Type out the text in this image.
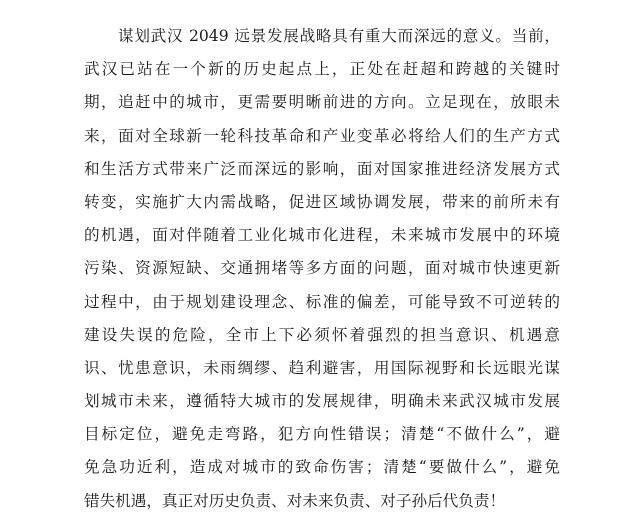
谋划武汉 2049 远景发展战略具有重大而深远的意义。当前，
武汉已站在一个新的历史起点上，正处在赶超和跨越的关键时
期，追赶中的城市，更需要明晰前进的方向。立足现在，放眼未
来，面对全球新一轮科技革命和产业变革必将给人们的生产方式
和生活方式带来广泛而深远的影响，面对国家推进经济发展方式
转变，实施扩大内需战略，促进区域协调发展，带来的前所未有
的机遇，面对伴随着工业化城市化进程，未来城市发展中的环境
污染、资源短缺、交通拥堵等多方面的问题，面对城市快速更新
过程中，由于规划建设理念、标准的偏差，可能导致不可逆转的
建设失误的危险，全市上下必须怀着强烈的担当意识、机遇意
识、忧患意识，未雨绸缪、趋利避害，用国际视野和长远眼光谋
划城市未来，遵循特大城市的发展规律，明确未来武汉城市发展
目标定位，避免走弯路，犯方向性错误；清楚“不做什么”，避
免急功近利，造成对城市的致命伤害；清楚“要做什么”，避免
错失机遇，真正对历史负责、对未来负责、对子孙后代负责！
